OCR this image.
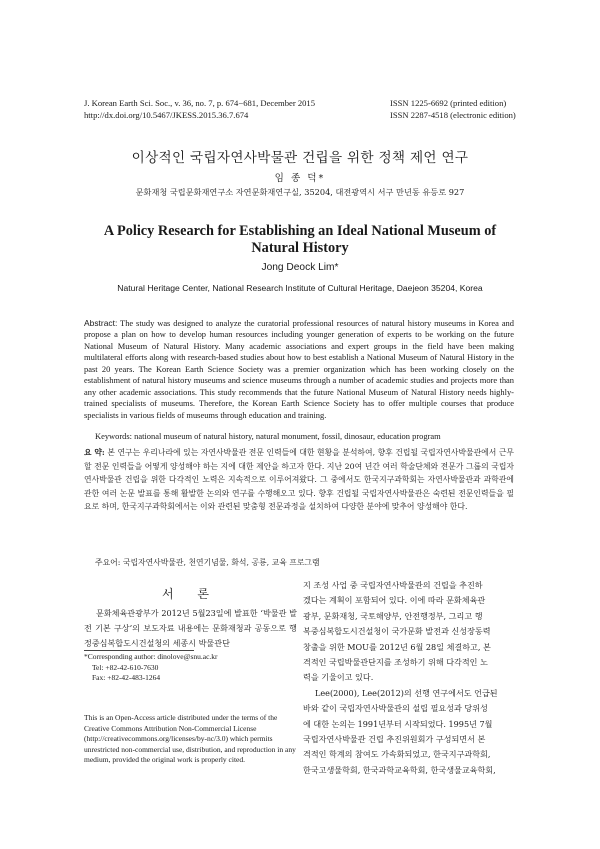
J. Korean Earth Sci. Soc., v. 36, no. 7, p. 674−681, December 2015
http://dx.doi.org/10.5467/JKESS.2015.36.7.674
ISSN 1225-6692 (printed edition)
ISSN 2287-4518 (electronic edition)
이상적인 국립자연사박물관 건립을 위한 정책 제언 연구
임 종 덕*
문화재청 국립문화재연구소 자연문화재연구실, 35204, 대전광역시 서구 만년동 유등로 927
A Policy Research for Establishing an Ideal National Museum of Natural History
Jong Deock Lim*
Natural Heritage Center, National Research Institute of Cultural Heritage, Daejeon 35204, Korea
Abstract: The study was designed to analyze the curatorial professional resources of natural history museums in Korea and propose a plan on how to develop human resources including younger generation of experts to be working on the future National Museum of Natural History. Many academic associations and expert groups in the field have been making multilateral efforts along with research-based studies about how to best establish a National Museum of Natural History in the past 20 years. The Korean Earth Science Society was a premier organization which has been working closely on the establishment of natural history museums and science museums through a number of academic studies and projects more than any other academic associations. This study recommends that the future National Museum of Natural History needs highly-trained specialists of museums. Therefore, the Korean Earth Science Society has to offer multiple courses that produce specialists in various fields of museums through education and training.
Keywords: national museum of natural history, natural monument, fossil, dinosaur, education program
요 약: 본 연구는 우리나라에 있는 자연사박물관 전문 인력들에 대한 현황을 분석하여, 향후 건립될 국립자연사박물관에서 근무할 전문 인력들을 어떻게 양성해야 하는 지에 대한 제안을 하고자 한다. 지난 20여 년간 여러 학술단체와 전문가 그룹의 국립자연사박물관 건립을 위한 다각적인 노력은 지속적으로 이루어져왔다. 그 중에서도 한국지구과학회는 자연사박물관과 과학관에 관한 여러 논문 발표를 통해 활발한 논의와 연구를 수행해오고 있다. 향후 건립될 국립자연사박물관은 숙련된 전문인력들을 필요로 하며, 한국지구과학회에서는 이와 관련된 맞춤형 전문과정을 설치하여 다양한 분야에 맞추어 양성해야 한다.
주요어: 국립자연사박물관, 천연기념물, 화석, 공룡, 교육 프로그램
서 론
문화체육관광부가 2012년 5월23일에 발표한 ‘박물관 발전 기본 구상’의 보도자료 내용에는 문화재청과 공동으로 행정중심복합도시건설청의 세종시 박물관단
*Corresponding author: dinolove@snu.ac.kr
Tel: +82-42-610-7630
Fax: +82-42-483-1264
This is an Open-Access article distributed under the terms of the Creative Commons Attribution Non-Commercial License (http://creativecommons.org/licenses/by-nc/3.0) which permits unrestricted non-commercial use, distribution, and reproduction in any medium, provided the original work is properly cited.
지 조성 사업 중 국립자연사박물관의 건립을 추진하
겠다는 계획이 포함되어 있다. 이에 따라 문화체육관
광부, 문화재청, 국토해양부, 안전행정부, 그리고 행
복중심복합도시건설청이 국가문화 발전과 신성장동력
창출을 위한 MOU를 2012년 6월 28일 체결하고, 본
격적인 국립박물관단지를 조성하기 위해 다각적인 노
력을 기울이고 있다.
Lee(2000), Lee(2012)의 선행 연구에서도 언급된
바와 같이 국립자연사박물관의 설립 필요성과 당위성
에 대한 논의는 1991년부터 시작되었다. 1995년 7월
국립자연사박물관 건립 추진위원회가 구성되면서 본
격적인 학계의 참여도 가속화되었고, 한국지구과학회,
한국고생물학회, 한국과학교육학회, 한국생물교육학회,
